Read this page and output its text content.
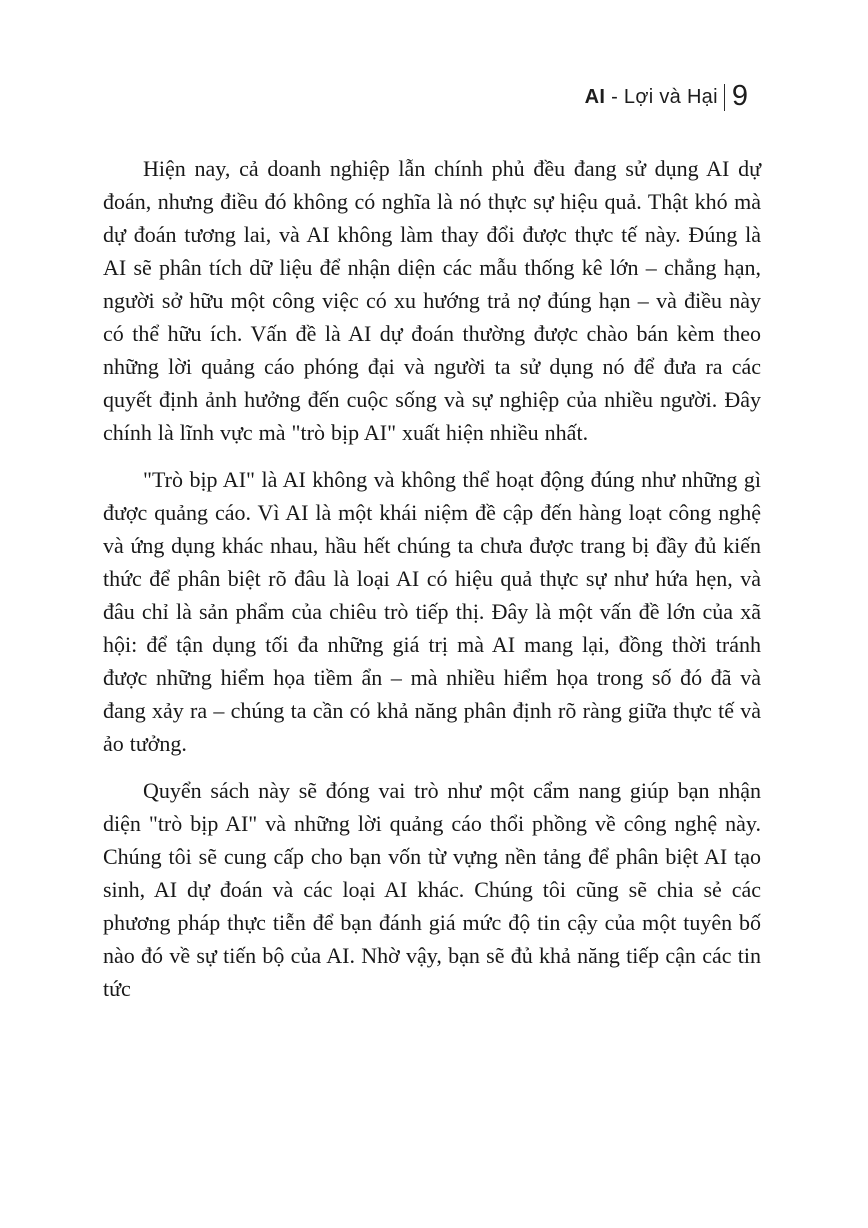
AI - Lợi và Hại 9

Hiện nay, cả doanh nghiệp lẫn chính phủ đều đang sử dụng AI dự đoán, nhưng điều đó không có nghĩa là nó thực sự hiệu quả. Thật khó mà dự đoán tương lai, và AI không làm thay đổi được thực tế này. Đúng là AI sẽ phân tích dữ liệu để nhận diện các mẫu thống kê lớn – chẳng hạn, người sở hữu một công việc có xu hướng trả nợ đúng hạn – và điều này có thể hữu ích. Vấn đề là AI dự đoán thường được chào bán kèm theo những lời quảng cáo phóng đại và người ta sử dụng nó để đưa ra các quyết định ảnh hưởng đến cuộc sống và sự nghiệp của nhiều người. Đây chính là lĩnh vực mà "trò bịp AI" xuất hiện nhiều nhất.

"Trò bịp AI" là AI không và không thể hoạt động đúng như những gì được quảng cáo. Vì AI là một khái niệm đề cập đến hàng loạt công nghệ và ứng dụng khác nhau, hầu hết chúng ta chưa được trang bị đầy đủ kiến thức để phân biệt rõ đâu là loại AI có hiệu quả thực sự như hứa hẹn, và đâu chỉ là sản phẩm của chiêu trò tiếp thị. Đây là một vấn đề lớn của xã hội: để tận dụng tối đa những giá trị mà AI mang lại, đồng thời tránh được những hiểm họa tiềm ẩn – mà nhiều hiểm họa trong số đó đã và đang xảy ra – chúng ta cần có khả năng phân định rõ ràng giữa thực tế và ảo tưởng.

Quyển sách này sẽ đóng vai trò như một cẩm nang giúp bạn nhận diện "trò bịp AI" và những lời quảng cáo thổi phồng về công nghệ này. Chúng tôi sẽ cung cấp cho bạn vốn từ vựng nền tảng để phân biệt AI tạo sinh, AI dự đoán và các loại AI khác. Chúng tôi cũng sẽ chia sẻ các phương pháp thực tiễn để bạn đánh giá mức độ tin cậy của một tuyên bố nào đó về sự tiến bộ của AI. Nhờ vậy, bạn sẽ đủ khả năng tiếp cận các tin tức
